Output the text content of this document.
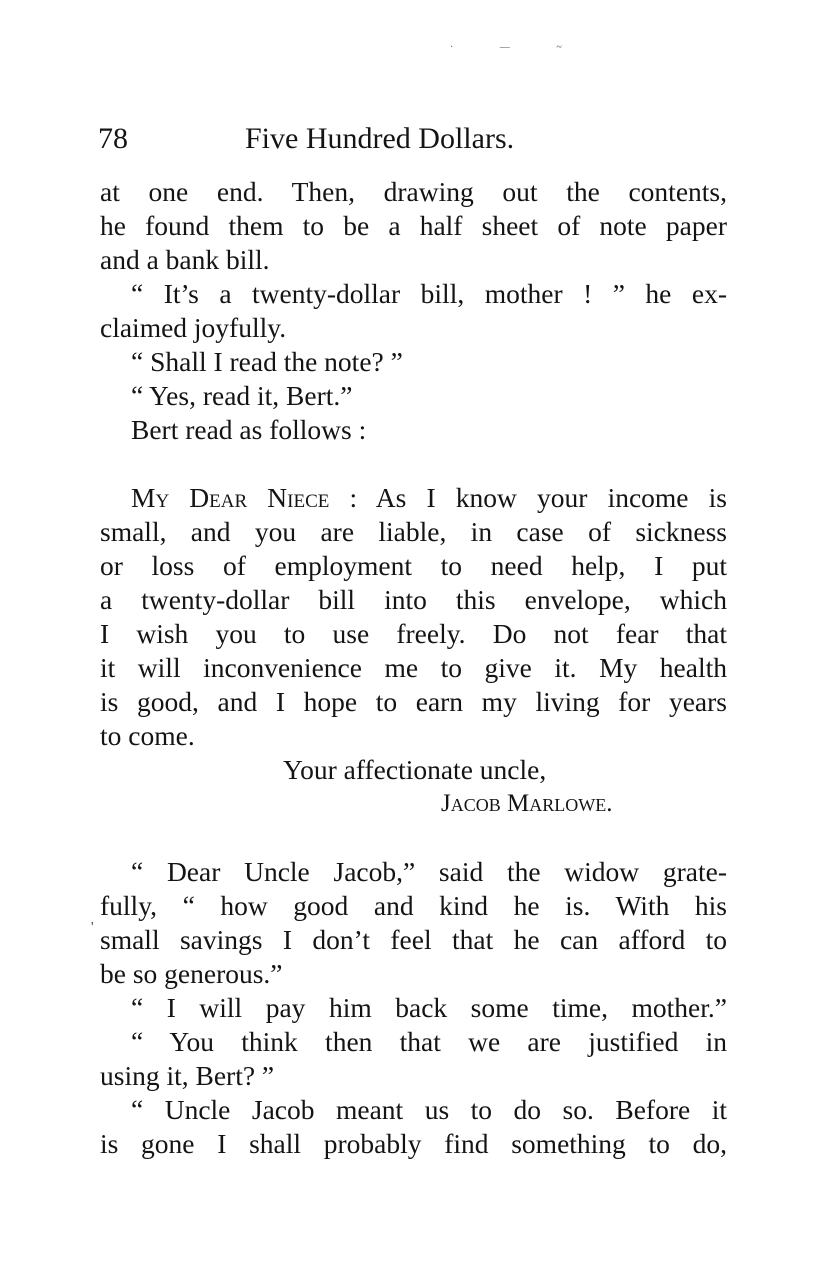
· — ~
78	Five Hundred Dollars.
at one end. Then, drawing out the contents,
he found them to be a half sheet of note paper
and a bank bill.
“ It’s a twenty-dollar bill, mother ! ” he ex-
claimed joyfully.
“ Shall I read the note? ”
“ Yes, read it, Bert.”
Bert read as follows :
My Dear Niece : As I know your income is
small, and you are liable, in case of sickness
or loss of employment to need help, I put
a twenty-dollar bill into this envelope, which
I wish you to use freely. Do not fear that
it will inconvenience me to give it. My health
is good, and I hope to earn my living for years
to come.
Your affectionate uncle,
Jacob Marlowe.
“ Dear Uncle Jacob,” said the widow grate-
fully, “ how good and kind he is. With his
' small savings I don’t feel that he can afford to
be so generous.”
“ I will pay him back some time, mother.”
“ You think then that we are justified in
using it, Bert? ”
“ Uncle Jacob meant us to do so. Before it
is gone I shall probably find something to do,
